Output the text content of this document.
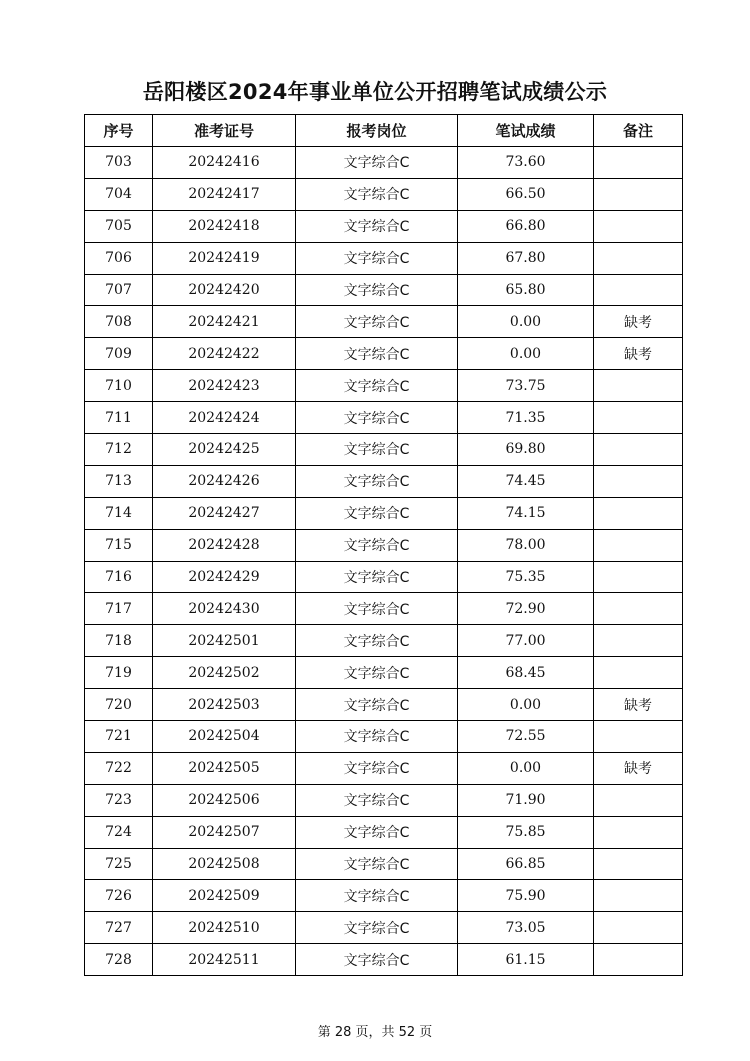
岳阳楼区2024年事业单位公开招聘笔试成绩公示
序号	准考证号	报考岗位	笔试成绩	备注
703	20242416	文字综合C	73.60	
704	20242417	文字综合C	66.50	
705	20242418	文字综合C	66.80	
706	20242419	文字综合C	67.80	
707	20242420	文字综合C	65.80	
708	20242421	文字综合C	0.00	缺考
709	20242422	文字综合C	0.00	缺考
710	20242423	文字综合C	73.75	
711	20242424	文字综合C	71.35	
712	20242425	文字综合C	69.80	
713	20242426	文字综合C	74.45	
714	20242427	文字综合C	74.15	
715	20242428	文字综合C	78.00	
716	20242429	文字综合C	75.35	
717	20242430	文字综合C	72.90	
718	20242501	文字综合C	77.00	
719	20242502	文字综合C	68.45	
720	20242503	文字综合C	0.00	缺考
721	20242504	文字综合C	72.55	
722	20242505	文字综合C	0.00	缺考
723	20242506	文字综合C	71.90	
724	20242507	文字综合C	75.85	
725	20242508	文字综合C	66.85	
726	20242509	文字综合C	75.90	
727	20242510	文字综合C	73.05	
728	20242511	文字综合C	61.15	
第 28 页，共 52 页
